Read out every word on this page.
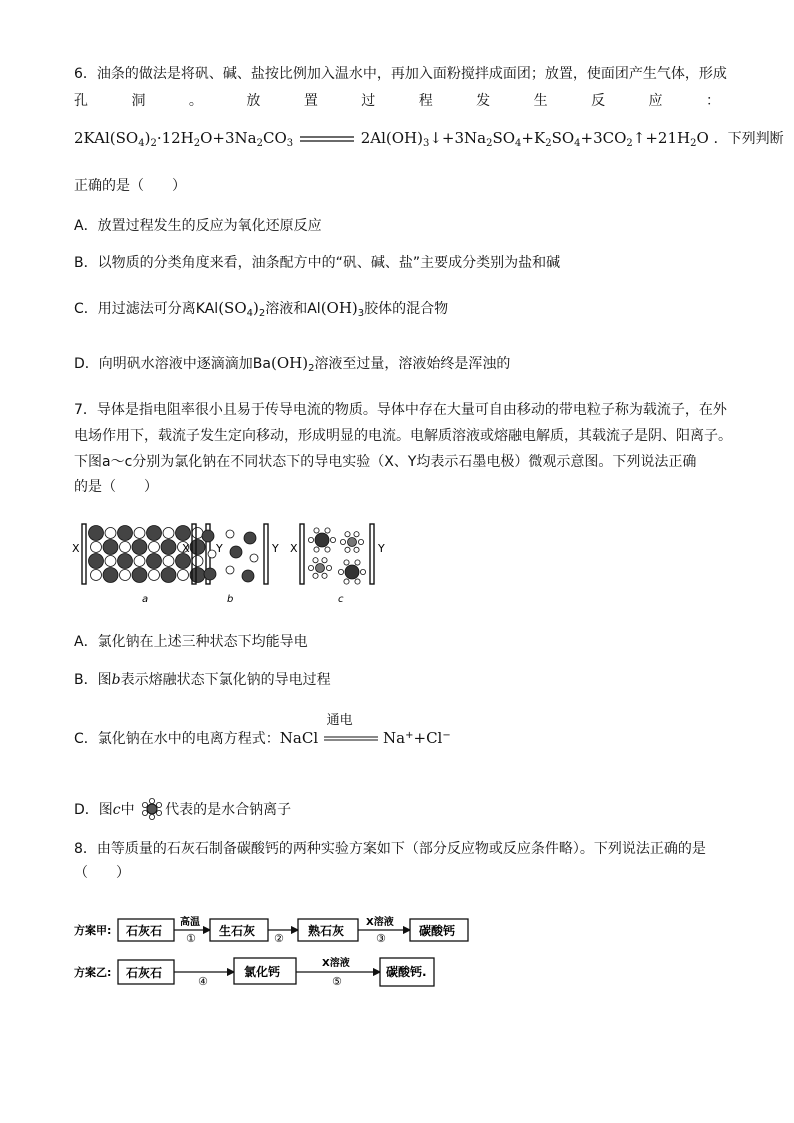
6．油条的做法是将矾、碱、盐按比例加入温水中，再加入面粉搅拌成面团；放置，使面团产生气体，形成
孔	洞	。	放	置	过	程	发	生	反	应	：
$2KAl(SO_4)_2\cdot 12H_2O+3Na_2CO_3$	$2Al(OH)_3↓+3Na_2SO_4+K_2SO_4+3CO_2↑+21H_2O$ ．下列判断
正确的是（　　）
A．放置过程发生的反应为氧化还原反应
B．以物质的分类角度来看，油条配方中的“矾、碱、盐”主要成分类别为盐和碱
C．用过滤法可分离$KAl(SO_4)_2$溶液和$Al(OH)_3$胶体的混合物
D．向明矾水溶液中逐滴滴加$Ba(OH)_2$溶液至过量，溶液始终是浑浊的
7．导体是指电阻率很小且易于传导电流的物质。导体中存在大量可自由移动的带电粒子称为载流子，在外
电场作用下，载流子发生定向移动，形成明显的电流。电解质溶液或熔融电解质，其载流子是阴、阳离子。
下图a～c分别为氯化钠在不同状态下的导电实验（X、Y均表示石墨电极）微观示意图。下列说法正确
的是（　　）
X	Y
a
X	Y
b
X	Y
c
A．氯化钠在上述三种状态下均能导电
B．图b表示熔融状态下氯化钠的导电过程
C．氯化钠在水中的电离方程式：NaCl
通电
Na++Cl−
D．图c中 代表的是水合钠离子
8．由等质量的石灰石制备碳酸钙的两种实验方案如下（部分反应物或反应条件略）。下列说法正确的是
（　　）
方案甲: 石灰石
高温
①
生石灰
②
熟石灰
X溶液
③
碳酸钙
方案乙: 石灰石
④
氯化钙
X溶液
⑤
碳酸钙.
